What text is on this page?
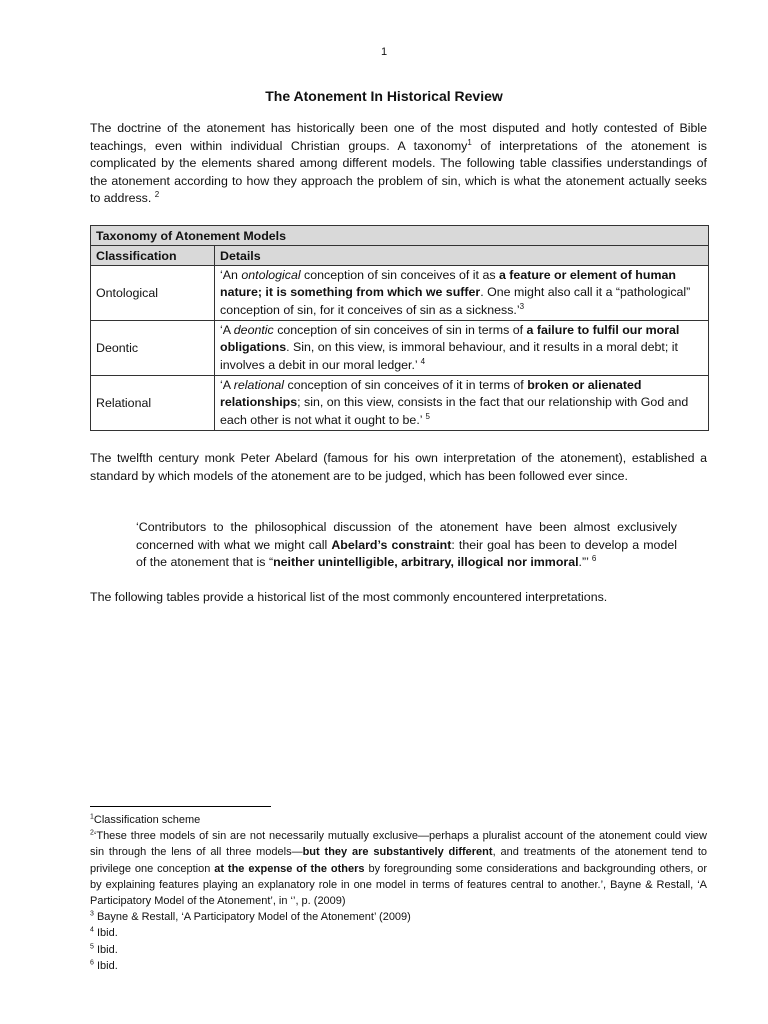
1
The Atonement In Historical Review
The doctrine of the atonement has historically been one of the most disputed and hotly contested of Bible teachings, even within individual Christian groups. A taxonomy$^1$ of interpretations of the atonement is complicated by the elements shared among different models. The following table classifies understandings of the atonement according to how they approach the problem of sin, which is what the atonement actually seeks to address. $^2$
Taxonomy of Atonement Models	
Classification	Details
Ontological	‘An ontological conception of sin conceives of it as a feature or element of human nature; it is something from which we suffer. One might also call it a “pathological” conception of sin, for it conceives of sin as a sickness.’$^3$
Deontic	‘A deontic conception of sin conceives of sin in terms of a failure to fulfil our moral obligations. Sin, on this view, is immoral behaviour, and it results in a moral debt; it involves a debit in our moral ledger.’ $^4$
Relational	‘A relational conception of sin conceives of it in terms of broken or alienated relationships; sin, on this view, consists in the fact that our relationship with God and each other is not what it ought to be.’ $^5$
The twelfth century monk Peter Abelard (famous for his own interpretation of the atonement), established a standard by which models of the atonement are to be judged, which has been followed ever since.
‘Contributors to the philosophical discussion of the atonement have been almost exclusively concerned with what we might call Abelard’s constraint: their goal has been to develop a model of the atonement that is “neither unintelligible, arbitrary, illogical nor immoral.”’ $^6$
The following tables provide a historical list of the most commonly encountered interpretations.

$^1$Classification scheme

$^2$‘These three models of sin are not necessarily mutually exclusive—perhaps a pluralist account of the atonement could view sin through the lens of all three models—but they are substantively different, and treatments of the atonement tend to privilege one conception at the expense of the others by foregrounding some considerations and backgrounding others, or by explaining features playing an explanatory role in one model in terms of features central to another.’, Bayne & Restall, ‘A Participatory Model of the Atonement’, in ‘’, p. (2009)

$^3$ Bayne & Restall, ‘A Participatory Model of the Atonement’ (2009)

$^4$ Ibid.

$^5$ Ibid.

$^6$ Ibid.
